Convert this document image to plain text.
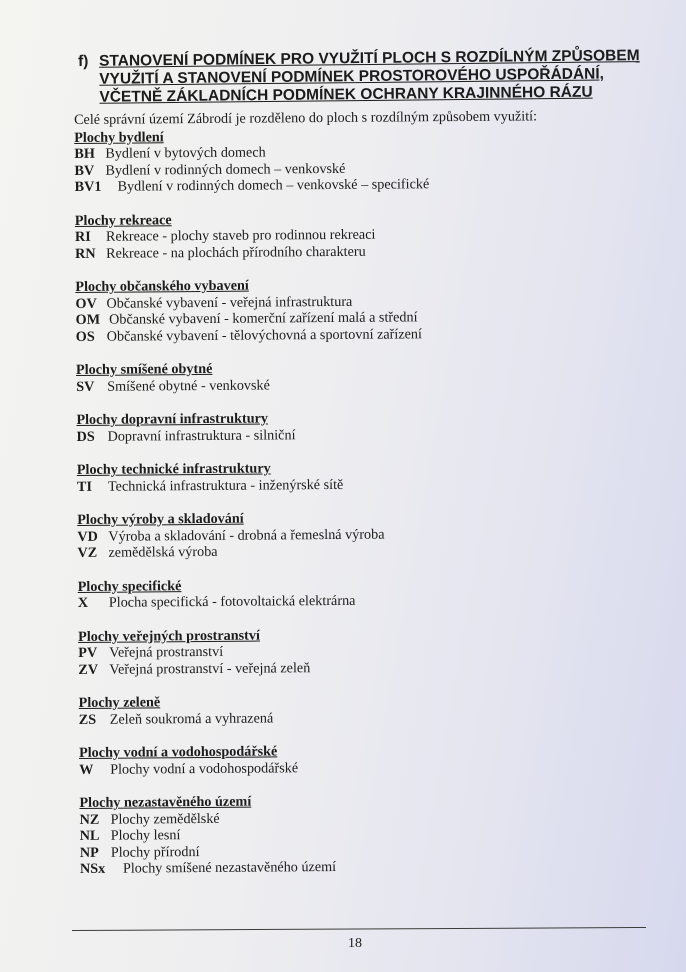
f) STANOVENÍ PODMÍNEK PRO VYUŽITÍ PLOCH S ROZDÍLNÝM ZPŮSOBEM
VYUŽITÍ A STANOVENÍ PODMÍNEK PROSTOROVÉHO USPOŘÁDÁNÍ,
VČETNĚ ZÁKLADNÍCH PODMÍNEK OCHRANY KRAJINNÉHO RÁZU
Celé správní území Zábrodí je rozděleno do ploch s rozdílným způsobem využití:
Plochy bydlení
BH Bydlení v bytových domech
BV Bydlení v rodinných domech – venkovské
BV1 Bydlení v rodinných domech – venkovské – specifické
Plochy rekreace
RI Rekreace - plochy staveb pro rodinnou rekreaci
RN Rekreace - na plochách přírodního charakteru
Plochy občanského vybavení
OV Občanské vybavení - veřejná infrastruktura
OM Občanské vybavení - komerční zařízení malá a střední
OS Občanské vybavení - tělovýchovná a sportovní zařízení
Plochy smíšené obytné
SV Smíšené obytné - venkovské
Plochy dopravní infrastruktury
DS Dopravní infrastruktura - silniční
Plochy technické infrastruktury
TI Technická infrastruktura - inženýrské sítě
Plochy výroby a skladování
VD Výroba a skladování - drobná a řemeslná výroba
VZ zemědělská výroba
Plochy specifické
X Plocha specifická - fotovoltaická elektrárna
Plochy veřejných prostranství
PV Veřejná prostranství
ZV Veřejná prostranství - veřejná zeleň
Plochy zeleně
ZS Zeleň soukromá a vyhrazená
Plochy vodní a vodohospodářské
W Plochy vodní a vodohospodářské
Plochy nezastavěného území
NZ Plochy zemědělské
NL Plochy lesní
NP Plochy přírodní
NSx Plochy smíšené nezastavěného území
18
